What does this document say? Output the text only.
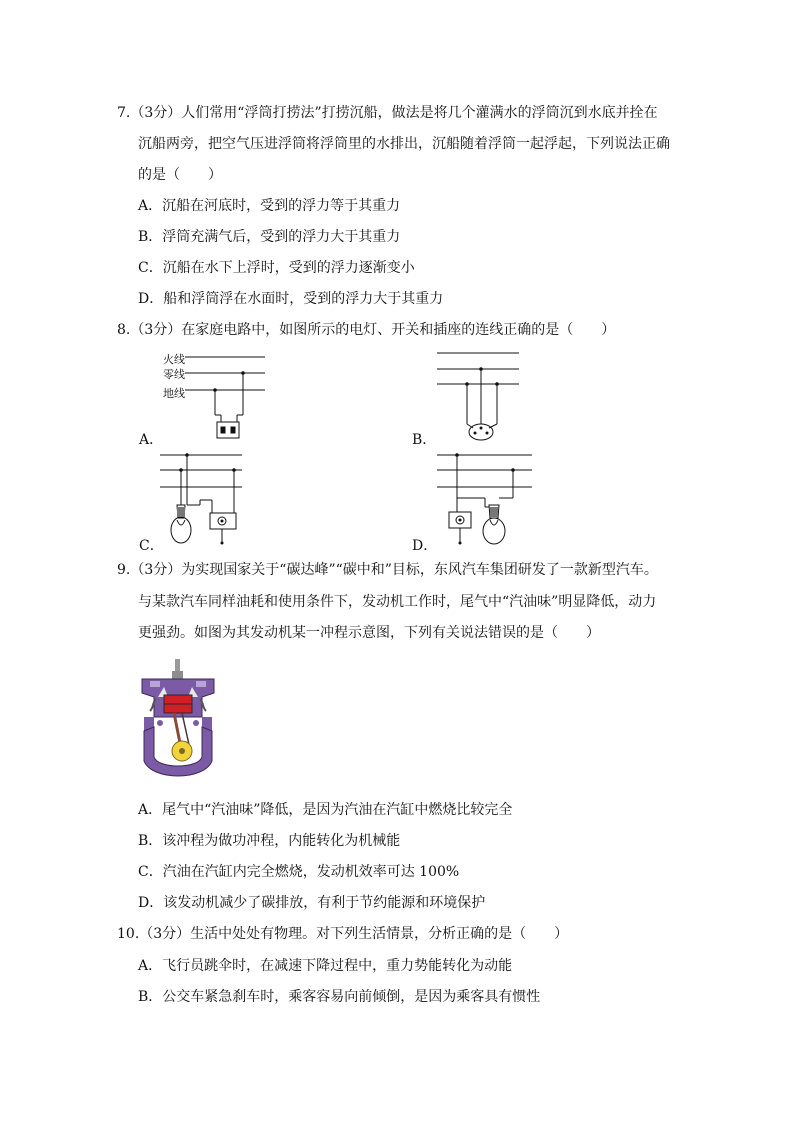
7.（3分）人们常用“浮筒打捞法”打捞沉船，做法是将几个灌满水的浮筒沉到水底并拴在
沉船两旁，把空气压进浮筒将浮筒里的水排出，沉船随着浮筒一起浮起，下列说法正确
的是（　　）
A．沉船在河底时，受到的浮力等于其重力
B．浮筒充满气后，受到的浮力大于其重力
C．沉船在水下上浮时，受到的浮力逐渐变小
D．船和浮筒浮在水面时，受到的浮力大于其重力
8.（3分）在家庭电路中，如图所示的电灯、开关和插座的连线正确的是（　　）
火线
零线
地线
A．	B．
C．	D．
9.（3分）为实现国家关于“碳达峰”“碳中和”目标，东风汽车集团研发了一款新型汽车。
与某款汽车同样油耗和使用条件下，发动机工作时，尾气中“汽油味”明显降低，动力
更强劲。如图为其发动机某一冲程示意图，下列有关说法错误的是（　　）
A．尾气中“汽油味”降低，是因为汽油在汽缸中燃烧比较完全
B．该冲程为做功冲程，内能转化为机械能
C．汽油在汽缸内完全燃烧，发动机效率可达 100%
D．该发动机减少了碳排放，有利于节约能源和环境保护
10.（3分）生活中处处有物理。对下列生活情景，分析正确的是（　　）
A．飞行员跳伞时，在减速下降过程中，重力势能转化为动能
B．公交车紧急刹车时，乘客容易向前倾倒，是因为乘客具有惯性
